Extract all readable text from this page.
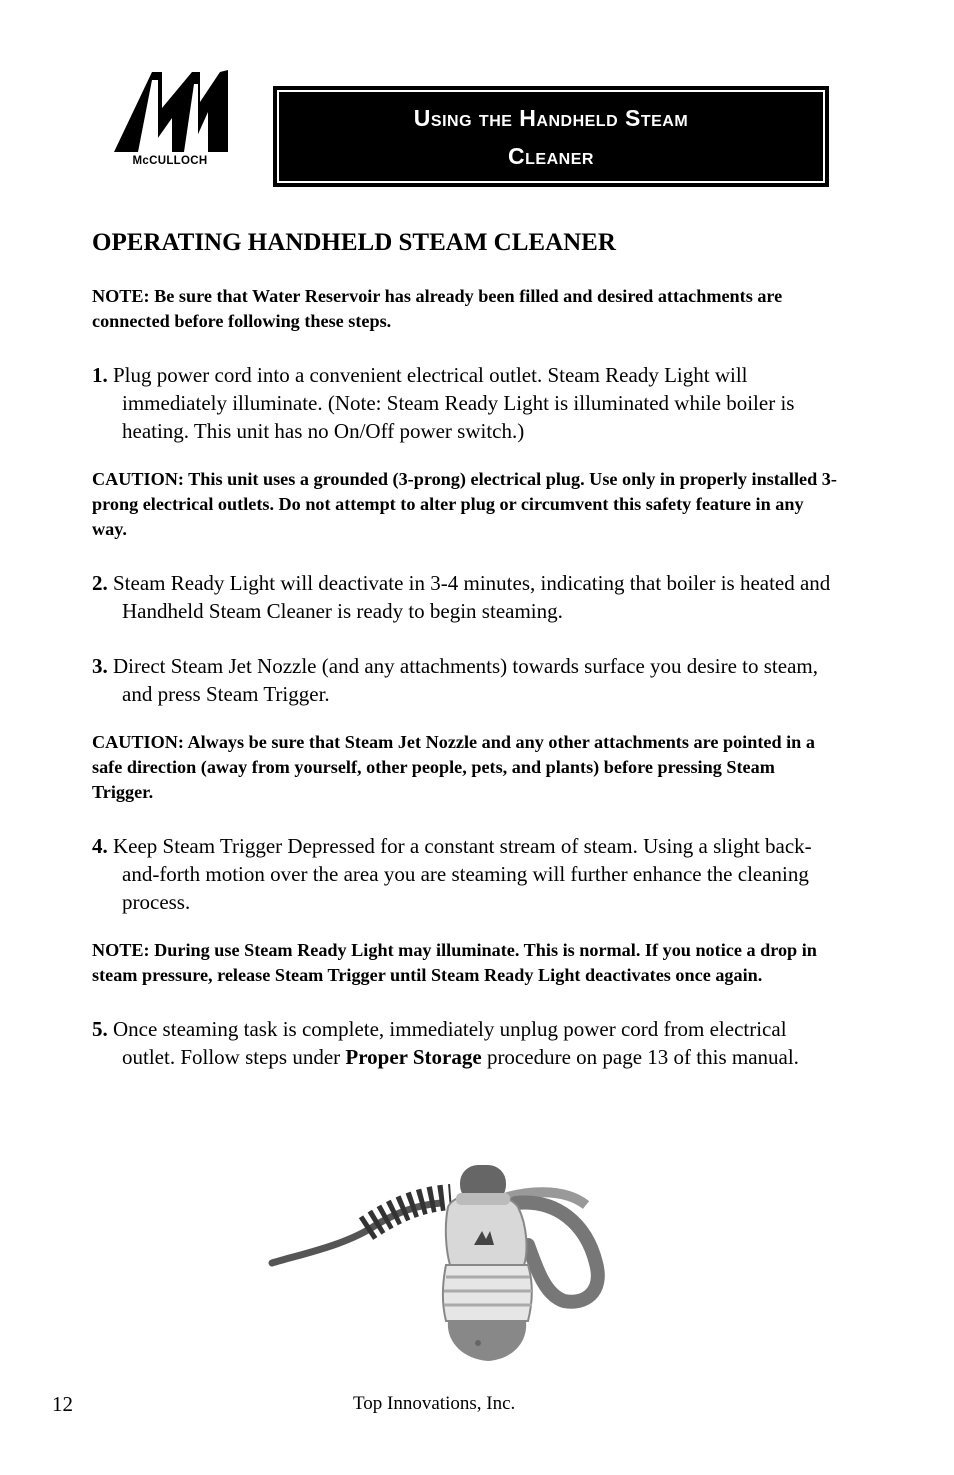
McCULLOCH
Using the Handheld Steam
Cleaner
OPERATING HANDHELD STEAM CLEANER

NOTE: Be sure that Water Reservoir has already been filled and desired attachments are connected before following these steps.

1. Plug power cord into a convenient electrical outlet. Steam Ready Light will immediately illuminate. (Note: Steam Ready Light is illuminated while boiler is heating. This unit has no On/Off power switch.)

CAUTION: This unit uses a grounded (3-prong) electrical plug. Use only in properly installed 3-prong electrical outlets. Do not attempt to alter plug or circumvent this safety feature in any way.

2. Steam Ready Light will deactivate in 3-4 minutes, indicating that boiler is heated and Handheld Steam Cleaner is ready to begin steaming.

3. Direct Steam Jet Nozzle (and any attachments) towards surface you desire to steam, and press Steam Trigger.

CAUTION: Always be sure that Steam Jet Nozzle and any other attachments are pointed in a safe direction (away from yourself, other people, pets, and plants) before pressing Steam Trigger.

4. Keep Steam Trigger Depressed for a constant stream of steam. Using a slight back-and-forth motion over the area you are steaming will further enhance the cleaning process.

NOTE: During use Steam Ready Light may illuminate. This is normal. If you notice a drop in steam pressure, release Steam Trigger until Steam Ready Light deactivates once again.

5. Once steaming task is complete, immediately unplug power cord from electrical outlet. Follow steps under Proper Storage procedure on page 13 of this manual.

12	Top Innovations, Inc.
